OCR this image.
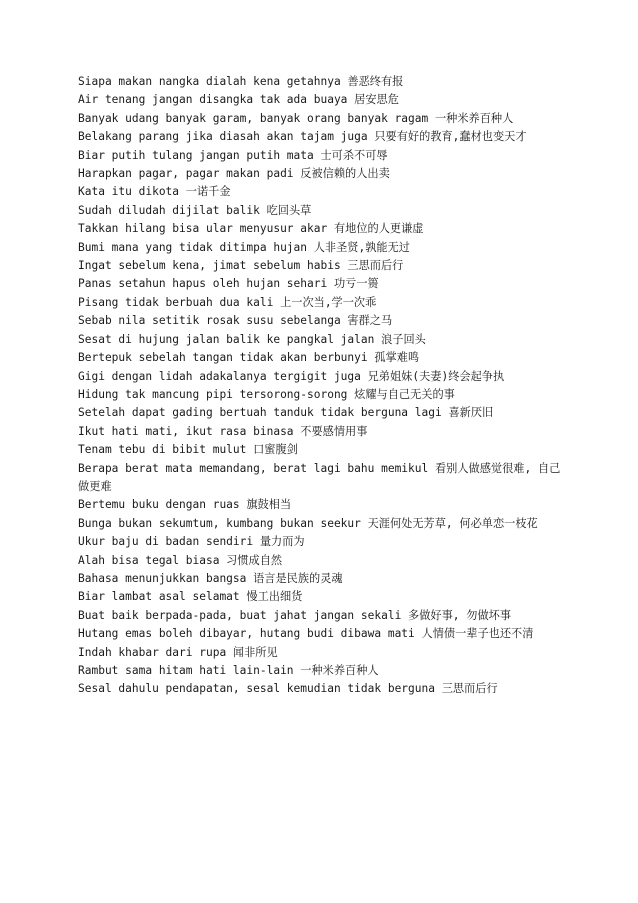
Siapa makan nangka dialah kena getahnya 善恶终有报
Air tenang jangan disangka tak ada buaya 居安思危
Banyak udang banyak garam, banyak orang banyak ragam 一种米养百种人
Belakang parang jika diasah akan tajam juga 只要有好的教育,蠢材也变天才
Biar putih tulang jangan putih mata 士可杀不可辱
Harapkan pagar, pagar makan padi 反被信赖的人出卖
Kata itu dikota 一诺千金
Sudah diludah dijilat balik 吃回头草
Takkan hilang bisa ular menyusur akar 有地位的人更谦虚
Bumi mana yang tidak ditimpa hujan 人非圣贤,孰能无过
Ingat sebelum kena, jimat sebelum habis 三思而后行
Panas setahun hapus oleh hujan sehari 功亏一篑
Pisang tidak berbuah dua kali 上一次当,学一次乖
Sebab nila setitik rosak susu sebelanga 害群之马
Sesat di hujung jalan balik ke pangkal jalan 浪子回头
Bertepuk sebelah tangan tidak akan berbunyi 孤掌难鸣
Gigi dengan lidah adakalanya tergigit juga 兄弟姐妹(夫妻)终会起争执
Hidung tak mancung pipi tersorong-sorong 炫耀与自己无关的事
Setelah dapat gading bertuah tanduk tidak berguna lagi 喜新厌旧
Ikut hati mati, ikut rasa binasa 不要感情用事
Tenam tebu di bibit mulut 口蜜腹剑
Berapa berat mata memandang, berat lagi bahu memikul 看别人做感觉很难, 自己做更难
Bertemu buku dengan ruas 旗鼓相当
Bunga bukan sekumtum, kumbang bukan seekur 天涯何处无芳草, 何必单恋一枝花
Ukur baju di badan sendiri 量力而为
Alah bisa tegal biasa 习惯成自然
Bahasa menunjukkan bangsa 语言是民族的灵魂
Biar lambat asal selamat 慢工出细货
Buat baik berpada-pada, buat jahat jangan sekali 多做好事, 勿做坏事
Hutang emas boleh dibayar, hutang budi dibawa mati 人情债一辈子也还不清
Indah khabar dari rupa 闻非所见
Rambut sama hitam hati lain-lain 一种米养百种人
Sesal dahulu pendapatan, sesal kemudian tidak berguna 三思而后行
